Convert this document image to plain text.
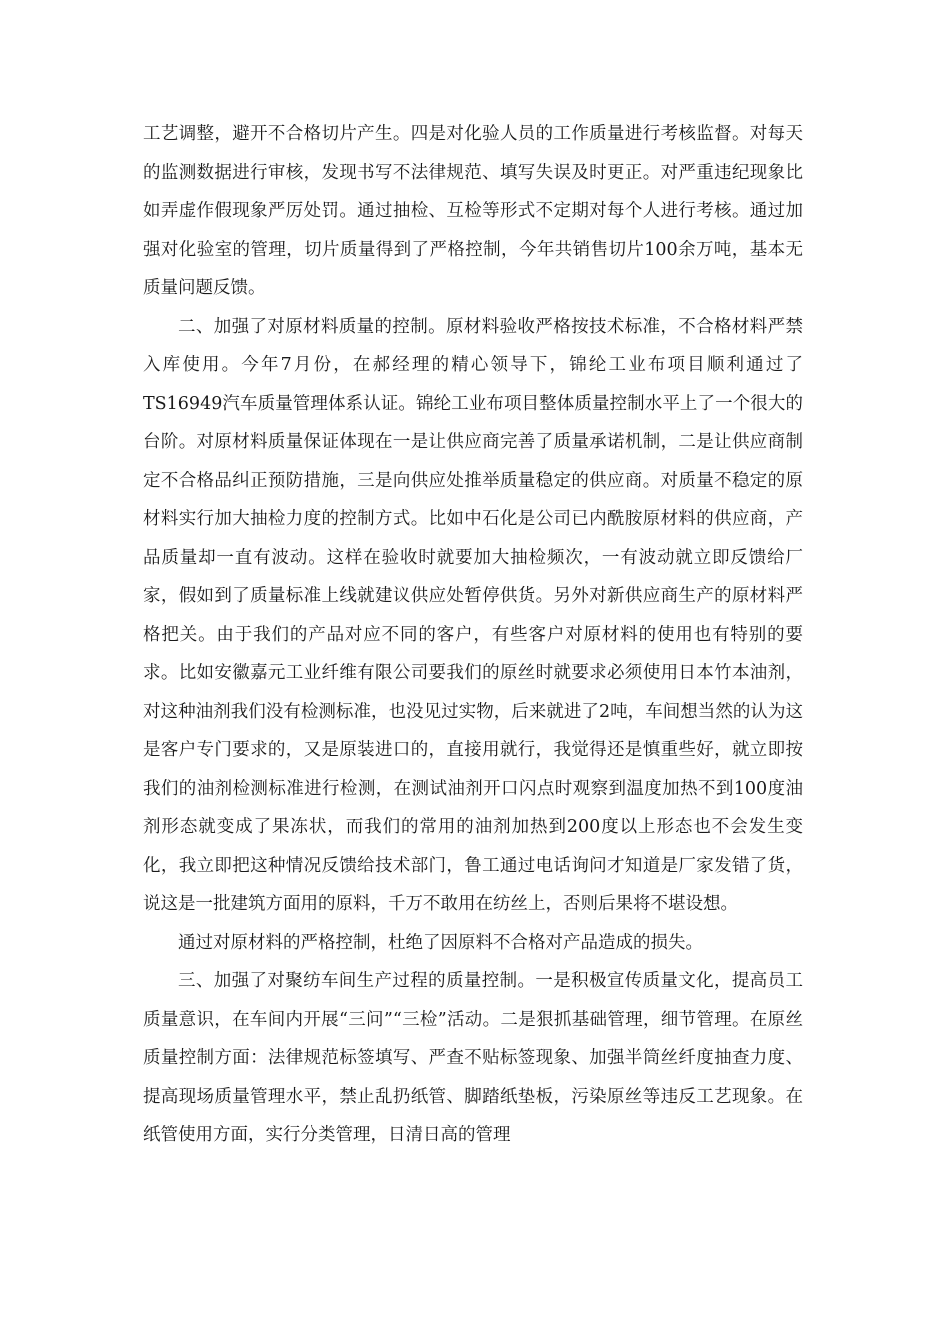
工艺调整，避开不合格切片产生。四是对化验人员的工作质量进行考核监督。对每天的监测数据进行审核，发现书写不法律规范、填写失误及时更正。对严重违纪现象比如弄虚作假现象严厉处罚。通过抽检、互检等形式不定期对每个人进行考核。通过加强对化验室的管理，切片质量得到了严格控制，今年共销售切片100余万吨，基本无质量问题反馈。

二、加强了对原材料质量的控制。原材料验收严格按技术标准，不合格材料严禁入库使用。今年7月份，在郝经理的精心领导下，锦纶工业布项目顺利通过了TS16949汽车质量管理体系认证。锦纶工业布项目整体质量控制水平上了一个很大的台阶。对原材料质量保证体现在一是让供应商完善了质量承诺机制，二是让供应商制定不合格品纠正预防措施，三是向供应处推举质量稳定的供应商。对质量不稳定的原材料实行加大抽检力度的控制方式。比如中石化是公司已内酰胺原材料的供应商，产品质量却一直有波动。这样在验收时就要加大抽检频次，一有波动就立即反馈给厂家，假如到了质量标准上线就建议供应处暂停供货。另外对新供应商生产的原材料严格把关。由于我们的产品对应不同的客户，有些客户对原材料的使用也有特别的要求。比如安徽嘉元工业纤维有限公司要我们的原丝时就要求必须使用日本竹本油剂，对这种油剂我们没有检测标准，也没见过实物，后来就进了2吨，车间想当然的认为这是客户专门要求的，又是原装进口的，直接用就行，我觉得还是慎重些好，就立即按我们的油剂检测标准进行检测，在测试油剂开口闪点时观察到温度加热不到100度油剂形态就变成了果冻状，而我们的常用的油剂加热到200度以上形态也不会发生变化，我立即把这种情况反馈给技术部门，鲁工通过电话询问才知道是厂家发错了货，说这是一批建筑方面用的原料，千万不敢用在纺丝上，否则后果将不堪设想。

通过对原材料的严格控制，杜绝了因原料不合格对产品造成的损失。

三、加强了对聚纺车间生产过程的质量控制。一是积极宣传质量文化，提高员工质量意识，在车间内开展“三问”“三检”活动。二是狠抓基础管理，细节管理。在原丝质量控制方面：法律规范标签填写、严查不贴标签现象、加强半筒丝纤度抽查力度、提高现场质量管理水平，禁止乱扔纸管、脚踏纸垫板，污染原丝等违反工艺现象。在纸管使用方面，实行分类管理，日清日高的管理
